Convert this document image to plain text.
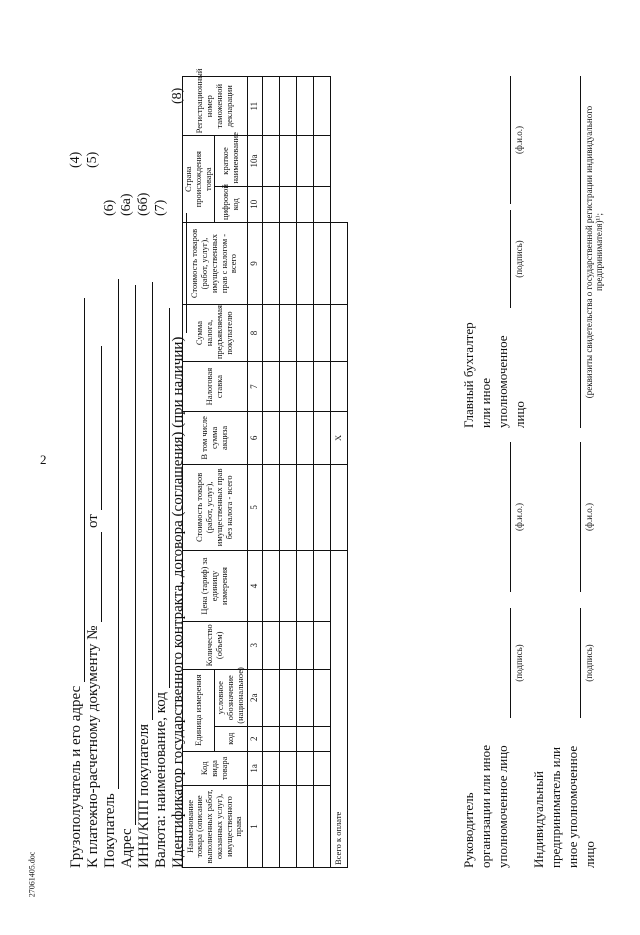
2
27061405.doc
Грузополучатель и его адрес К платежно-расчетному документу №  от
Покупатель Адрес ИНН/КПП покупателя Валюта: наименование, код Идентификатор государственного контракта, договора (соглашения) (при наличии)
(4) (5)
(6) (6а) (6б) (7)
(8)
Наименование товара (описание выполненных работ, оказанных услуг), имущественного права	Код вида товара	Единица измерения		Количество (объем)	Цена (тариф) за единицу измерения	Стоимость товаров (работ, услуг), имущественных прав без налога - всего	В том числе сумма акциза	Налоговая ставка	Сумма налога, предъявляемая покупателю	Стоимость товаров (работ, услуг), имущественных прав с налогом - всего	Страна происхождения товара		Регистрационный номер таможенной декларации
		код	условное обозначение (национальное)								цифровой код	краткое наименование	
1	1а	2	2а	3	4	5	6	7	8	9	10	10а	11

Всего к оплате							X						
Руководитель организации или иное уполномоченное лицо
(подпись)
(ф.и.о.)
Главный бухгалтер или иное уполномоченное лицо
(подпись)
(ф.и.о.)
Индивидуальный предприниматель или иное уполномоченное лицо
(подпись)
(ф.и.о.)
(реквизиты свидетельства о государственной регистрации индивидуального предпринимателя)¹⁾;
